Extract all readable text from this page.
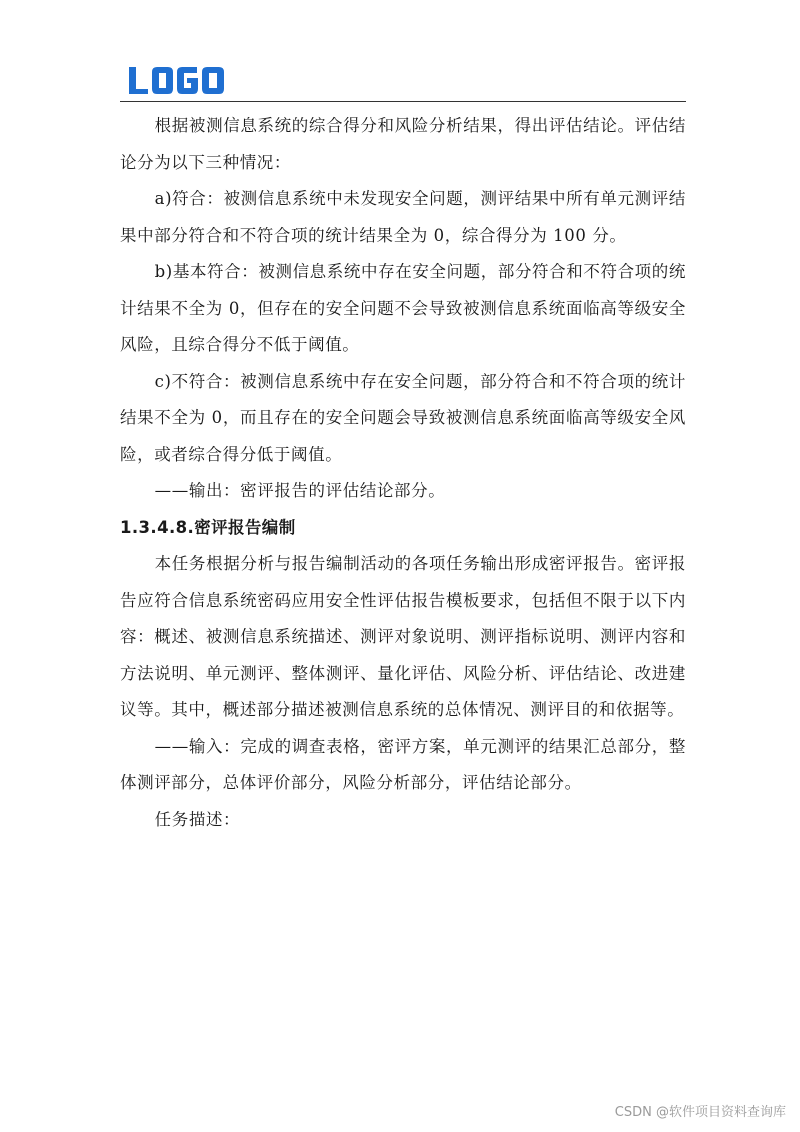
根据被测信息系统的综合得分和风险分析结果，得出评估结论。评估结论分为以下三种情况：

a)符合：被测信息系统中未发现安全问题，测评结果中所有单元测评结果中部分符合和不符合项的统计结果全为 0，综合得分为 100 分。

b)基本符合：被测信息系统中存在安全问题，部分符合和不符合项的统计结果不全为 0，但存在的安全问题不会导致被测信息系统面临高等级安全风险，且综合得分不低于阈值。

c)不符合：被测信息系统中存在安全问题，部分符合和不符合项的统计结果不全为 0，而且存在的安全问题会导致被测信息系统面临高等级安全风险，或者综合得分低于阈值。

——输出：密评报告的评估结论部分。

1.3.4.8.密评报告编制

本任务根据分析与报告编制活动的各项任务输出形成密评报告。密评报告应符合信息系统密码应用安全性评估报告模板要求，包括但不限于以下内容：概述、被测信息系统描述、测评对象说明、测评指标说明、测评内容和方法说明、单元测评、整体测评、量化评估、风险分析、评估结论、改进建议等。其中，概述部分描述被测信息系统的总体情况、测评目的和依据等。

——输入：完成的调查表格，密评方案，单元测评的结果汇总部分，整体测评部分，总体评价部分，风险分析部分，评估结论部分。

任务描述：

CSDN @软件项目资料查询库
